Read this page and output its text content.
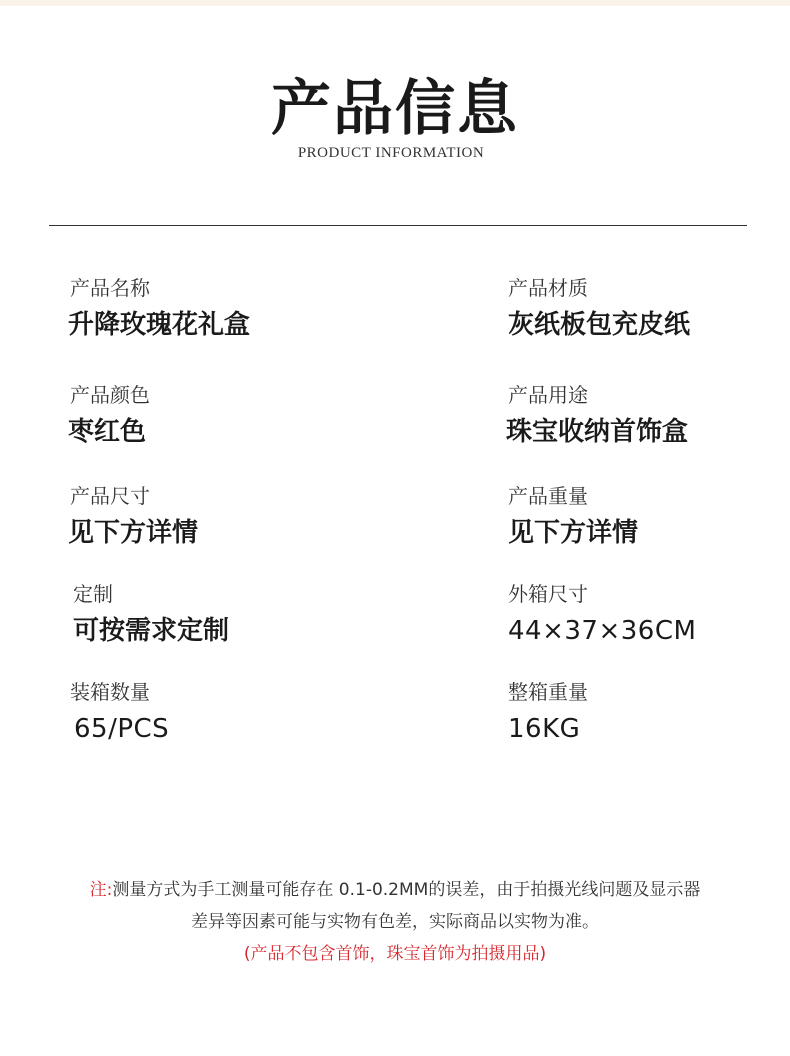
产品信息
PRODUCT INFORMATION
产品名称
升降玫瑰花礼盒
产品材质
灰纸板包充皮纸
产品颜色
枣红色
产品用途
珠宝收纳首饰盒
产品尺寸
见下方详情
产品重量
见下方详情
定制
可按需求定制
外箱尺寸
44×37×36CM
装箱数量
65/PCS
整箱重量
16KG
注:测量方式为手工测量可能存在 0.1-0.2MM的误差，由于拍摄光线问题及显示器
差异等因素可能与实物有色差，实际商品以实物为准。
(产品不包含首饰，珠宝首饰为拍摄用品)
